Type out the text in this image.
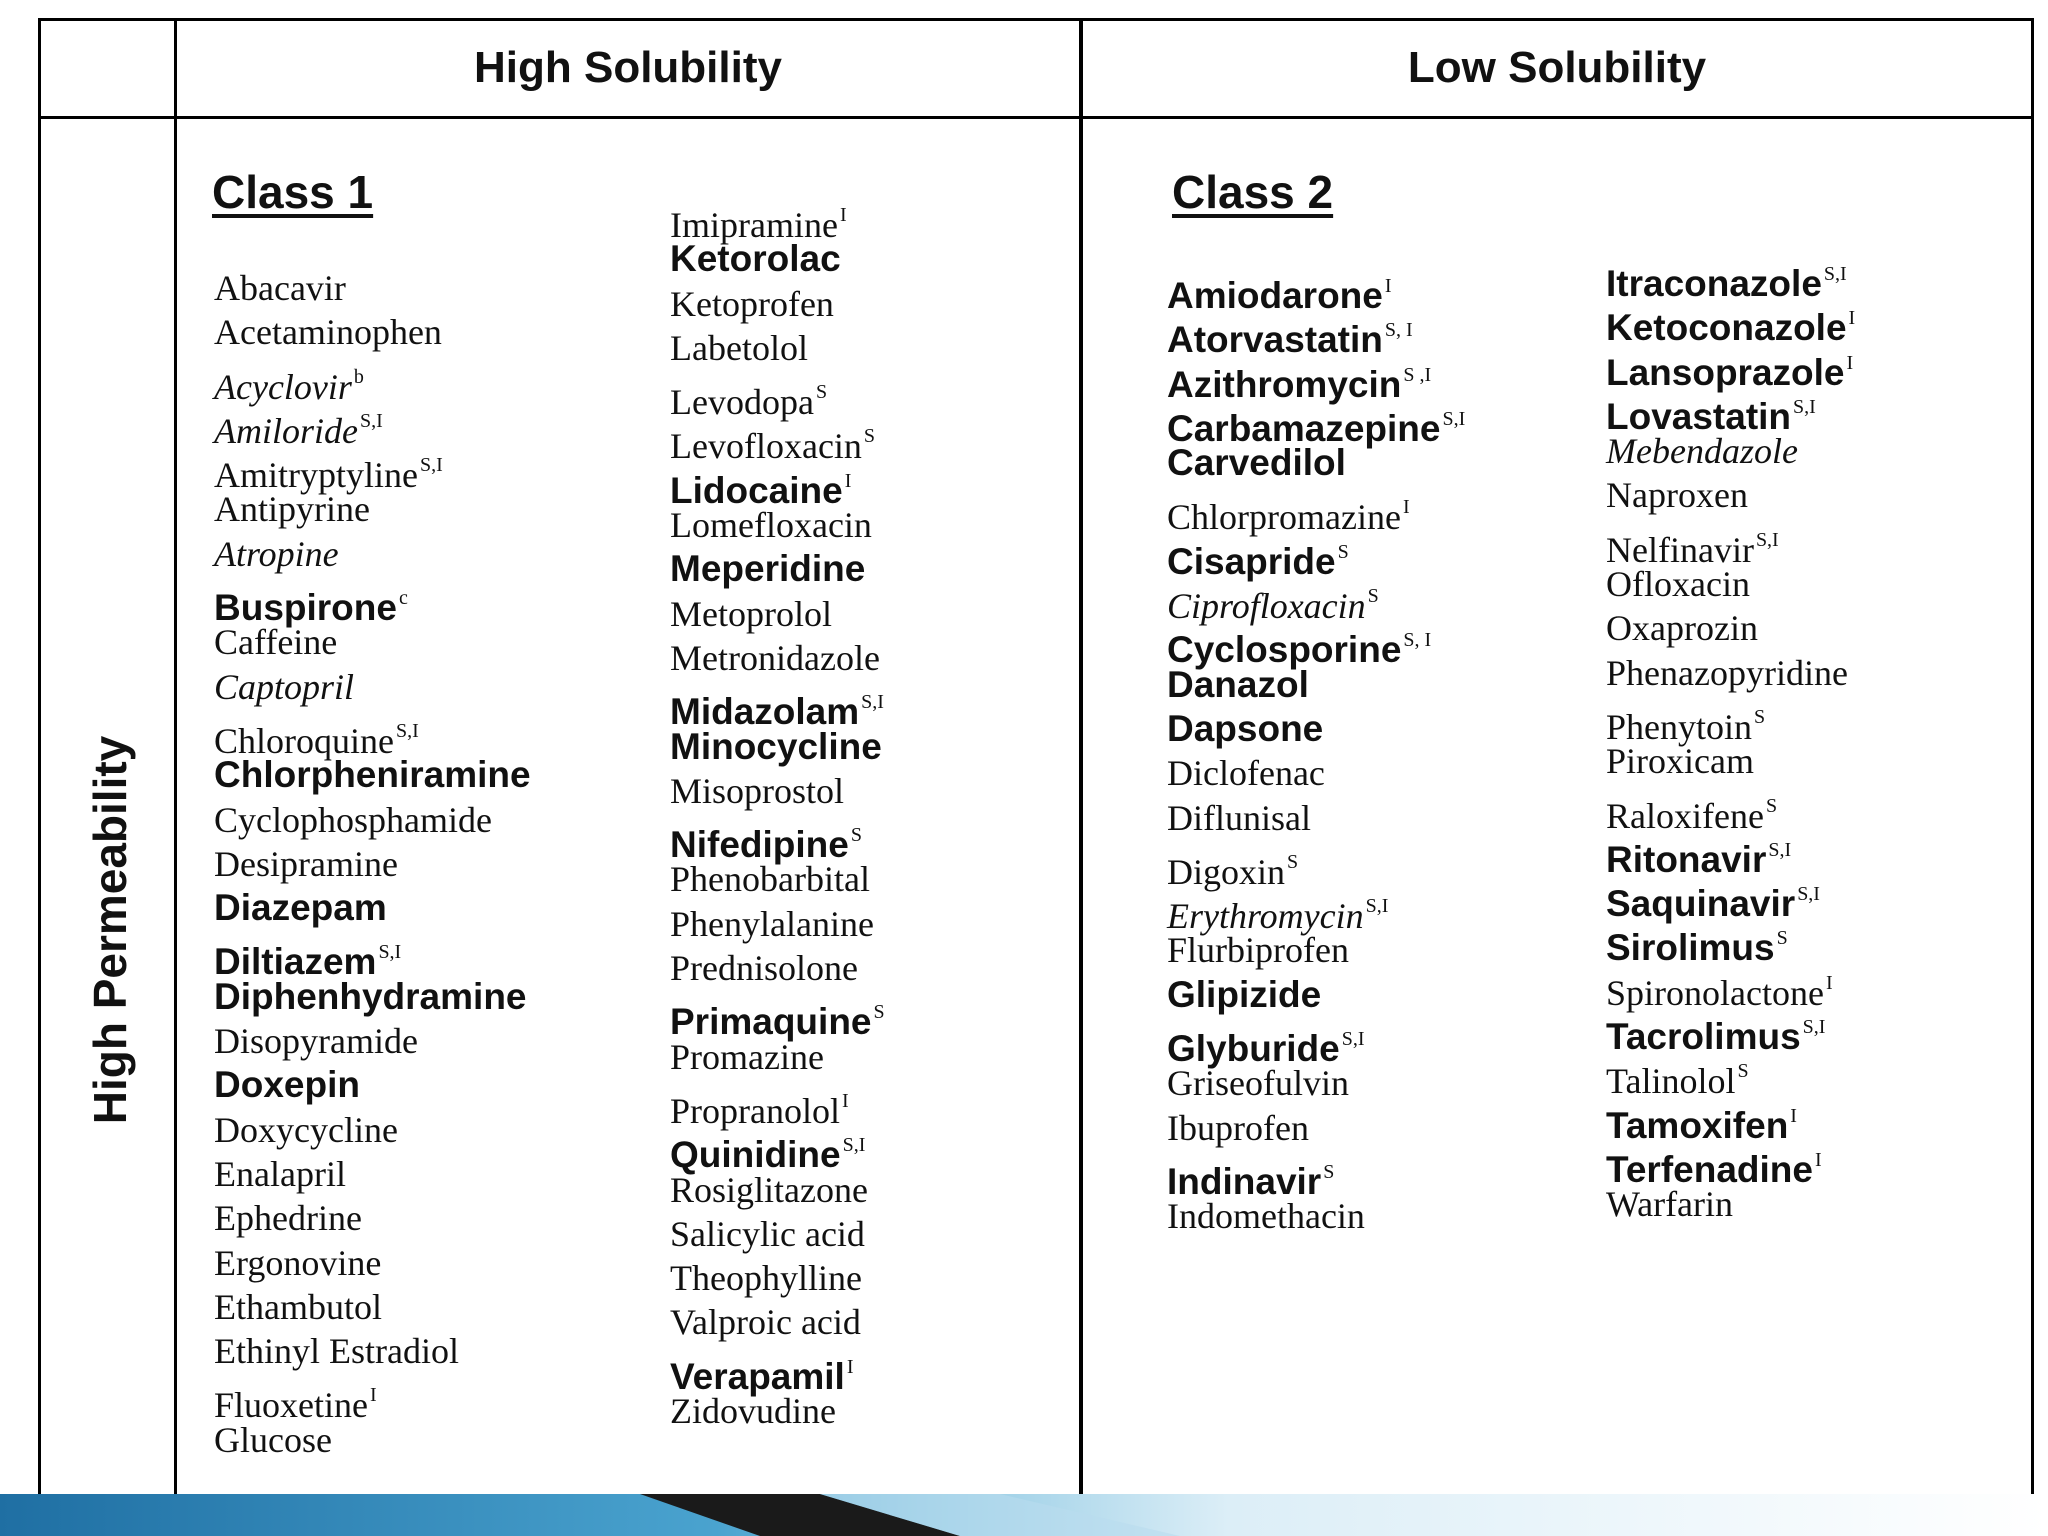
High Solubility	Low Solubility
High Permeability
Class 1	Class 2
Abacavir
Acetaminophen
Acyclovir b
Amiloride S,I
Amitryptyline S,I
Antipyrine
Atropine
Buspirone c
Caffeine
Captopril
Chloroquine S,I
Chlorpheniramine
Cyclophosphamide
Desipramine
Diazepam
Diltiazem S,I
Diphenhydramine
Disopyramide
Doxepin
Doxycycline
Enalapril
Ephedrine
Ergonovine
Ethambutol
Ethinyl Estradiol
Fluoxetine I
Glucose
Imipramine I
Ketorolac
Ketoprofen
Labetolol
Levodopa S
Levofloxacin S
Lidocaine I
Lomefloxacin
Meperidine
Metoprolol
Metronidazole
Midazolam S,I
Minocycline
Misoprostol
Nifedipine S
Phenobarbital
Phenylalanine
Prednisolone
Primaquine S
Promazine
Propranolol I
Quinidine S,I
Rosiglitazone
Salicylic acid
Theophylline
Valproic acid
Verapamil I
Zidovudine
Amiodarone I
Atorvastatin S, I
Azithromycin S ,I
Carbamazepine S,I
Carvedilol
Chlorpromazine I
Cisapride S
Ciprofloxacin S
Cyclosporine S, I
Danazol
Dapsone
Diclofenac
Diflunisal
Digoxin S
Erythromycin S,I
Flurbiprofen
Glipizide
Glyburide S,I
Griseofulvin
Ibuprofen
Indinavir S
Indomethacin
Itraconazole S,I
Ketoconazole I
Lansoprazole I
Lovastatin S,I
Mebendazole
Naproxen
Nelfinavir S,I
Ofloxacin
Oxaprozin
Phenazopyridine
Phenytoin S
Piroxicam
Raloxifene S
Ritonavir S,I
Saquinavir S,I
Sirolimus S
Spironolactone I
Tacrolimus S,I
Talinolol S
Tamoxifen I
Terfenadine I
Warfarin
